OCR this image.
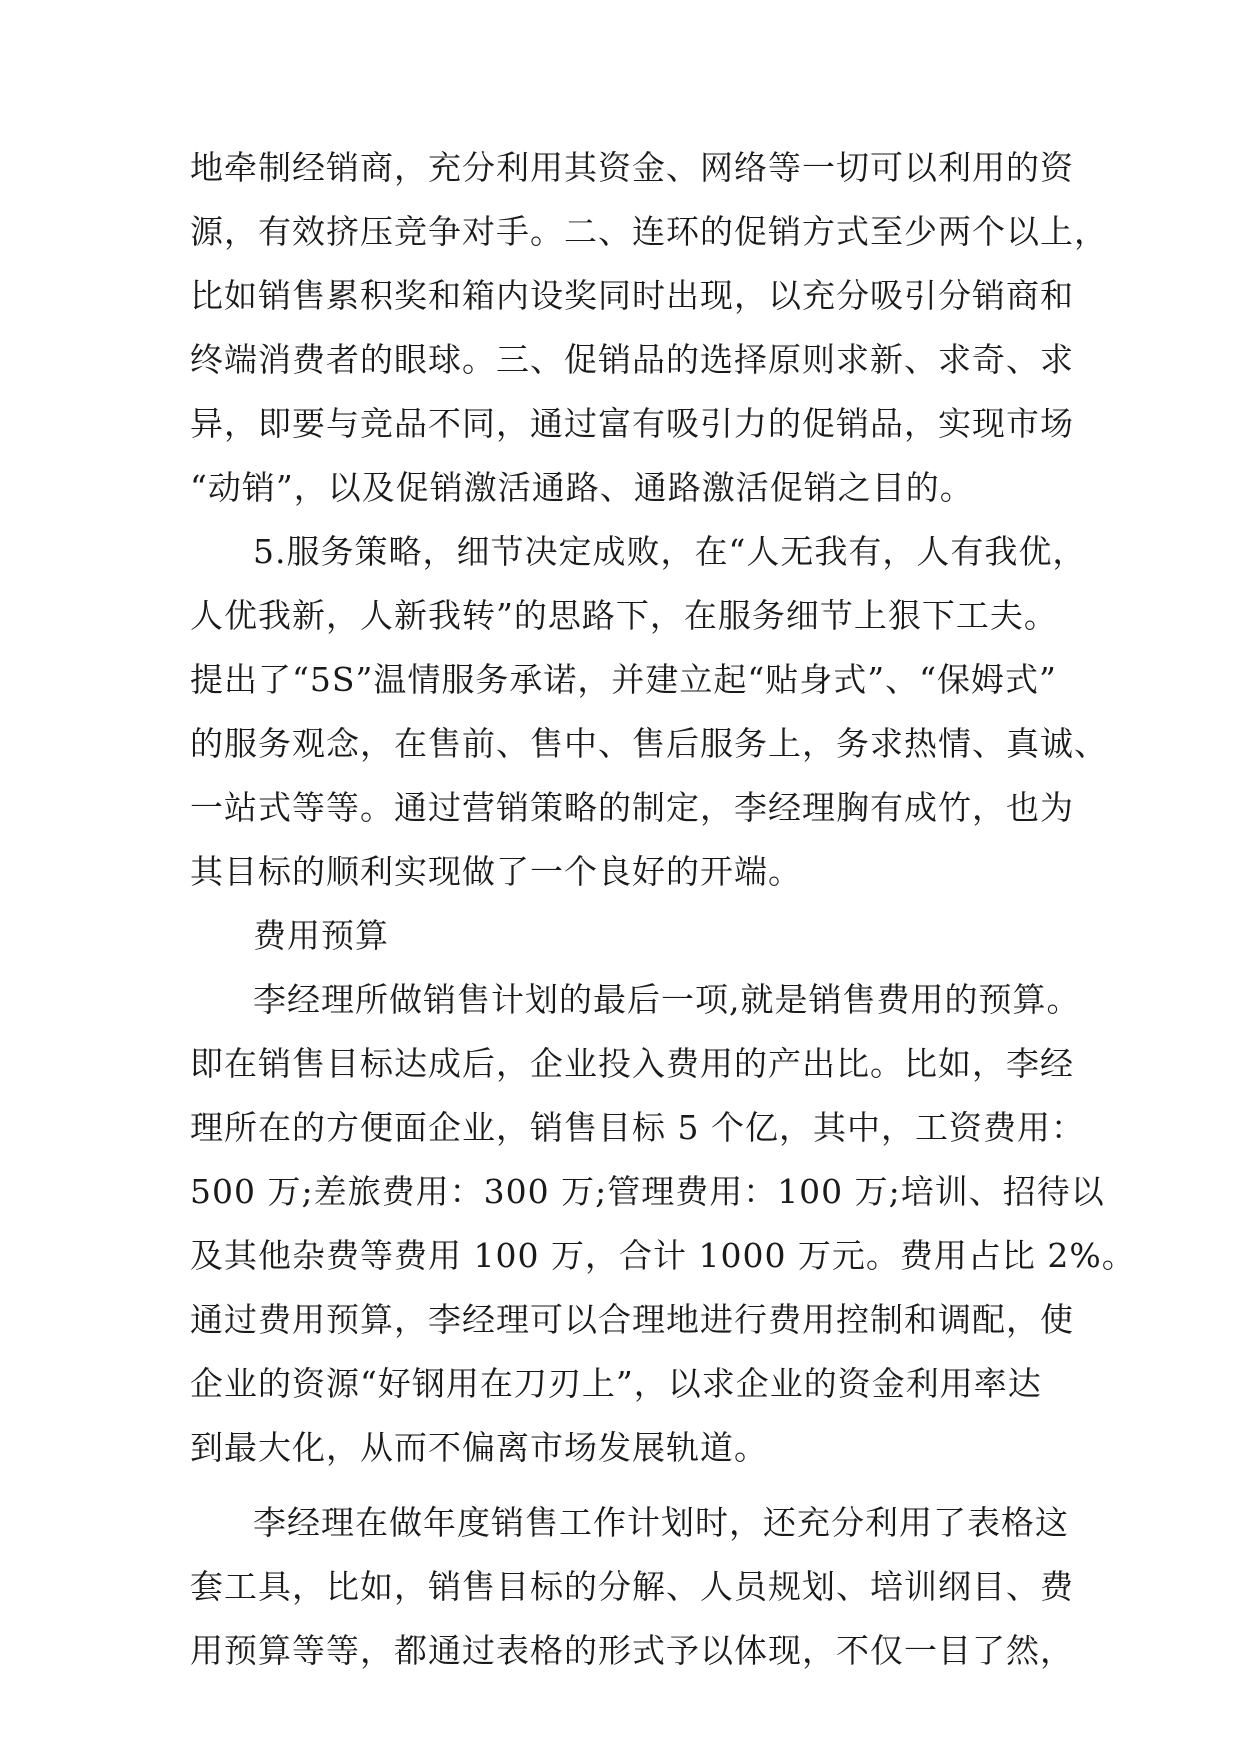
地牵制经销商，充分利用其资金、网络等一切可以利用的资
源，有效挤压竞争对手。二、连环的促销方式至少两个以上，
比如销售累积奖和箱内设奖同时出现，以充分吸引分销商和
终端消费者的眼球。三、促销品的选择原则求新、求奇、求
异，即要与竞品不同，通过富有吸引力的促销品，实现市场
“动销”，以及促销激活通路、通路激活促销之目的。
5.服务策略，细节决定成败，在“人无我有，人有我优，
人优我新，人新我转”的思路下，在服务细节上狠下工夫。
提出了“5S”温情服务承诺，并建立起“贴身式”、“保姆式”
的服务观念，在售前、售中、售后服务上，务求热情、真诚、
一站式等等。通过营销策略的制定，李经理胸有成竹，也为
其目标的顺利实现做了一个良好的开端。
费用预算
李经理所做销售计划的最后一项,就是销售费用的预算。
即在销售目标达成后，企业投入费用的产出比。比如，李经
理所在的方便面企业，销售目标 5 个亿，其中，工资费用：
500 万;差旅费用：300 万;管理费用：100 万;培训、招待以
及其他杂费等费用 100 万，合计 1000 万元。费用占比 2%。
通过费用预算，李经理可以合理地进行费用控制和调配，使
企业的资源“好钢用在刀刃上”，以求企业的资金利用率达
到最大化，从而不偏离市场发展轨道。
李经理在做年度销售工作计划时，还充分利用了表格这
套工具，比如，销售目标的分解、人员规划、培训纲目、费
用预算等等，都通过表格的形式予以体现，不仅一目了然，
